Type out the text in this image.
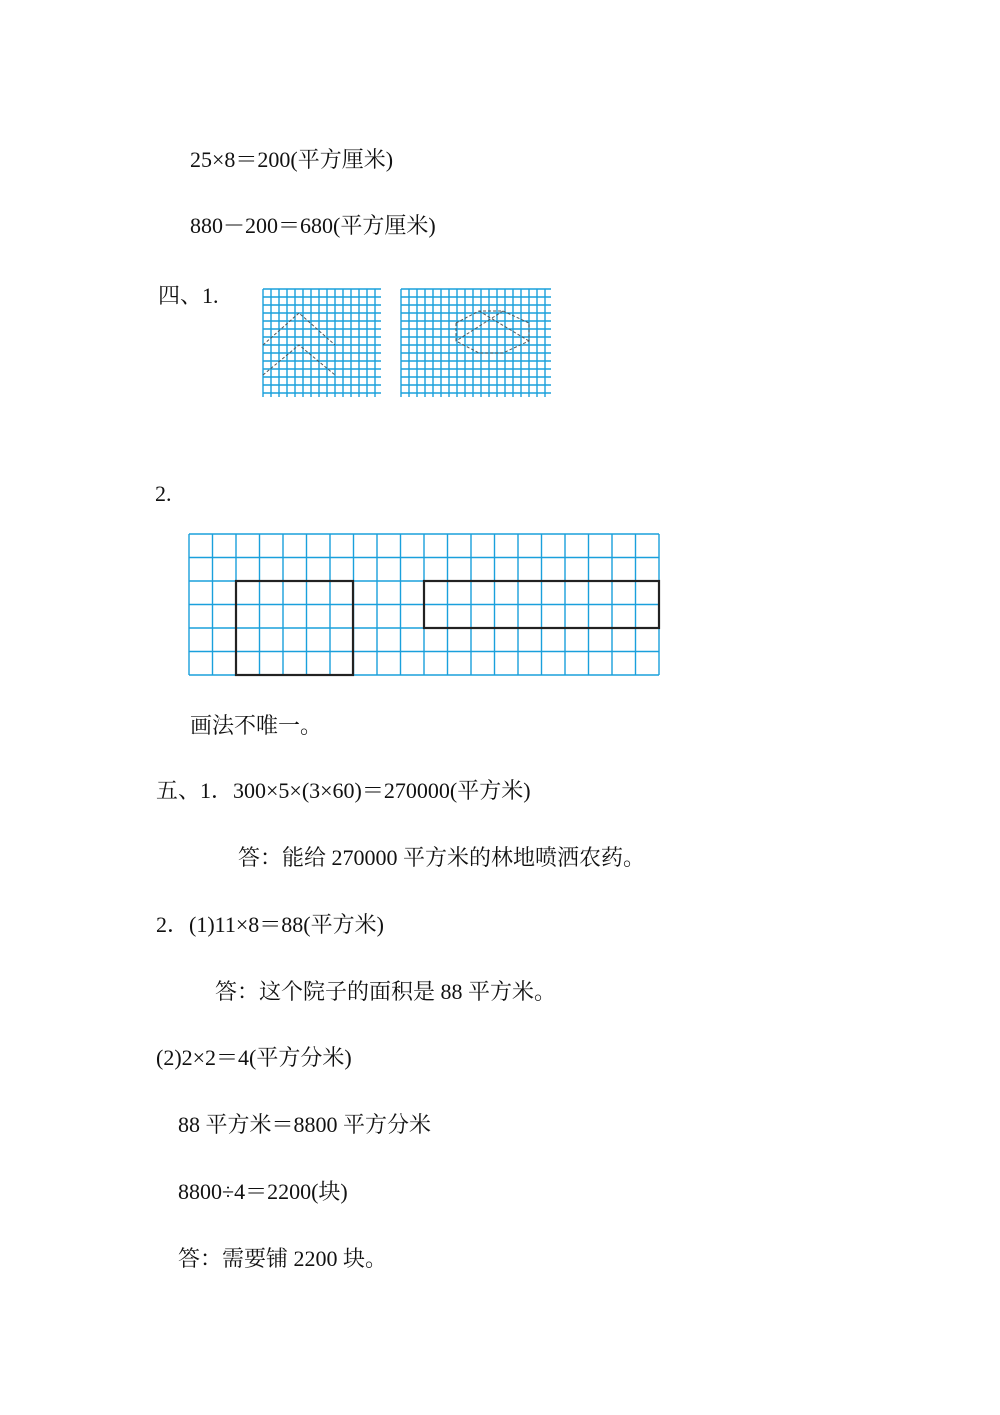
25×8＝200(平方厘米)
880－200＝680(平方厘米)
四、1.
2.
画法不唯一。
五、1．300×5×(3×60)＝270000(平方米)
答：能给 270000 平方米的林地喷洒农药。
2．(1)11×8＝88(平方米)
答：这个院子的面积是 88 平方米。
(2)2×2＝4(平方分米)
88 平方米＝8800 平方分米
8800÷4＝2200(块)
答：需要铺 2200 块。
